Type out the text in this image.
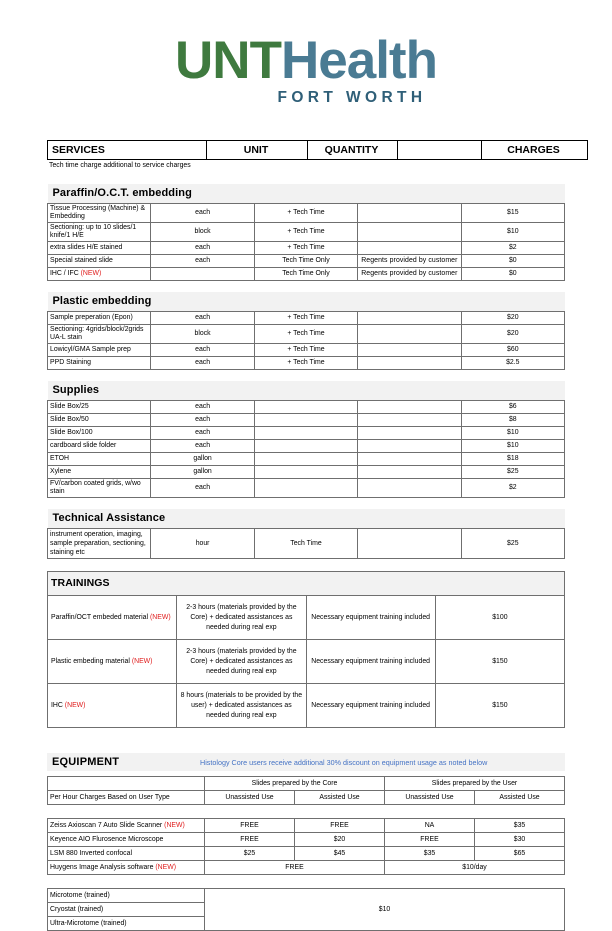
UNTHealth
FORT WORTH
SERVICES	UNIT	QUANTITY		CHARGES
Tech time charge additional to service charges

Paraffin/O.C.T. embedding				
Tissue Processing (Machine) & Embedding	each	+ Tech Time		$15
Sectioning: up to 10 slides/1 knife/1 H/E	block	+ Tech Time		$10
extra slides H/E stained	each	+ Tech Time		$2
Special stained slide	each	Tech Time Only	Regents provided by customer	$0
IHC / IFC (NEW)		Tech Time Only	Regents provided by customer	$0

Plastic embedding				
Sample preperation (Epon)	each	+ Tech Time		$20
Sectioning: 4grids/block/2grids UA-L stain	block	+ Tech Time		$20
Lowicyl/GMA Sample prep	each	+ Tech Time		$60
PPD Staining	each	+ Tech Time		$2.5

Supplies				
Slide Box/25	each			$6
Slide Box/50	each			$8
Slide Box/100	each			$10
cardboard slide folder	each			$10
ETOH	gallon			$18
Xylene	gallon			$25
FV/carbon coated grids, w/wo stain	each			$2

Technical Assistance
instrument operation, imaging, sample preparation, sectioning, staining etc	hour	Tech Time		$25
TRAININGS			
Paraffin/OCT embeded material (NEW)	2-3 hours (materials provided by the Core) + dedicated assistances as needed during real exp	Necessary equipment training included	$100
Plastic embeding material (NEW)	2-3 hours (materials provided by the Core) + dedicated assistances as needed during real exp	Necessary equipment training included	$150
IHC (NEW)	8 hours (materials to be provided by the user) + dedicated assistances as needed during real exp	Necessary equipment training included	$150
EQUIPMENT	Histology Core users receive additional 30% discount on equipment usage as noted below
	Slides prepared by the Core		Slides prepared by the User	
Per Hour Charges Based on User Type	Unassisted Use	Assisted Use	Unassisted Use	Assisted Use

Zeiss Axioscan 7 Auto Slide Scanner (NEW)	FREE	FREE	NA	$35
Keyence AIO Flurosence Microscope	FREE	$20	FREE	$30
LSM 880 Inverted confocal	$25	$45	$35	$65
Huygens Image Analysis software (NEW)	FREE		$10/day	

Microtome (trained)	$10			
Cryostat (trained)				
Ultra-Microtome (trained)				
